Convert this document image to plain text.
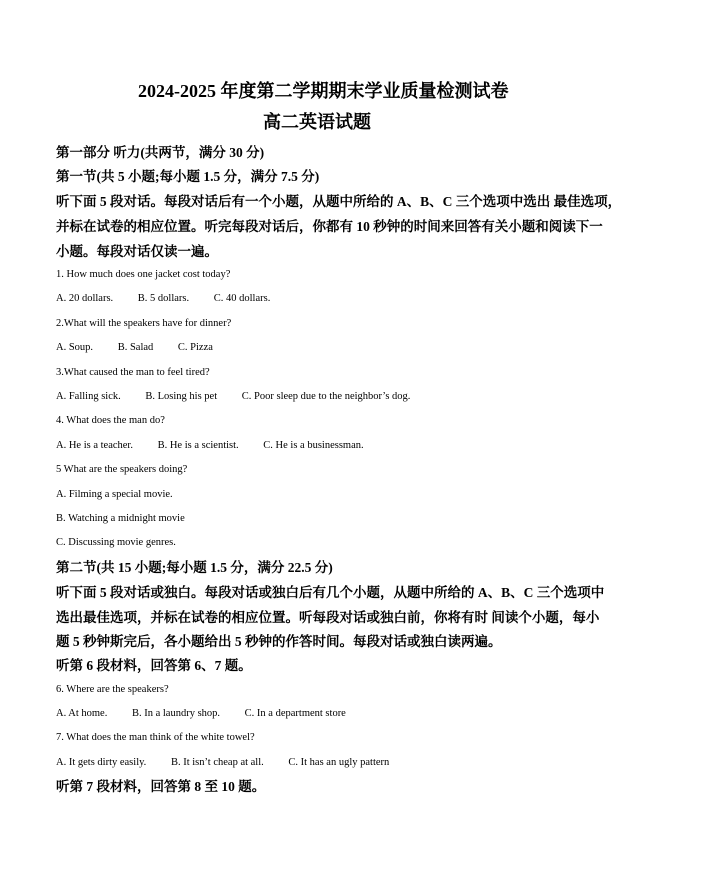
2024-2025 年度第二学期期末学业质量检测试卷
高二英语试题
第一部分 听力(共两节，满分 30 分)
第一节(共 5 小题;每小题 1.5 分，满分 7.5 分)
听下面 5 段对话。每段对话后有一个小题，从题中所给的 A、B、C 三个选项中选出 最佳选项，
并标在试卷的相应位置。听完每段对话后，你都有 10 秒钟的时间来回答有关小题和阅读下一
小题。每段对话仅读一遍。
1. How much does one jacket cost today?
A. 20 dollars. B. 5 dollars. C. 40 dollars.
2.What will the speakers have for dinner?
A. Soup. B. Salad C. Pizza
3.What caused the man to feel tired?
A. Falling sick. B. Losing his pet C. Poor sleep due to the neighbor’s dog.
4. What does the man do?
A. He is a teacher. B. He is a scientist. C. He is a businessman.
5 What are the speakers doing?
A. Filming a special movie.
B. Watching a midnight movie
C. Discussing movie genres.
第二节(共 15 小题;每小题 1.5 分，满分 22.5 分)
听下面 5 段对话或独白。每段对话或独白后有几个小题，从题中所给的 A、B、C 三个选项中
选出最佳选项，并标在试卷的相应位置。听每段对话或独白前，你将有时 间读个小题，每小
题 5 秒钟斯完后，各小题给出 5 秒钟的作答时间。每段对话或独白读两遍。
听第 6 段材料，回答第 6、7 题。
6. Where are the speakers?
A. At home. B. In a laundry shop. C. In a department store
7. What does the man think of the white towel?
A. It gets dirty easily. B. It isn’t cheap at all. C. It has an ugly pattern
听第 7 段材料，回答第 8 至 10 题。
